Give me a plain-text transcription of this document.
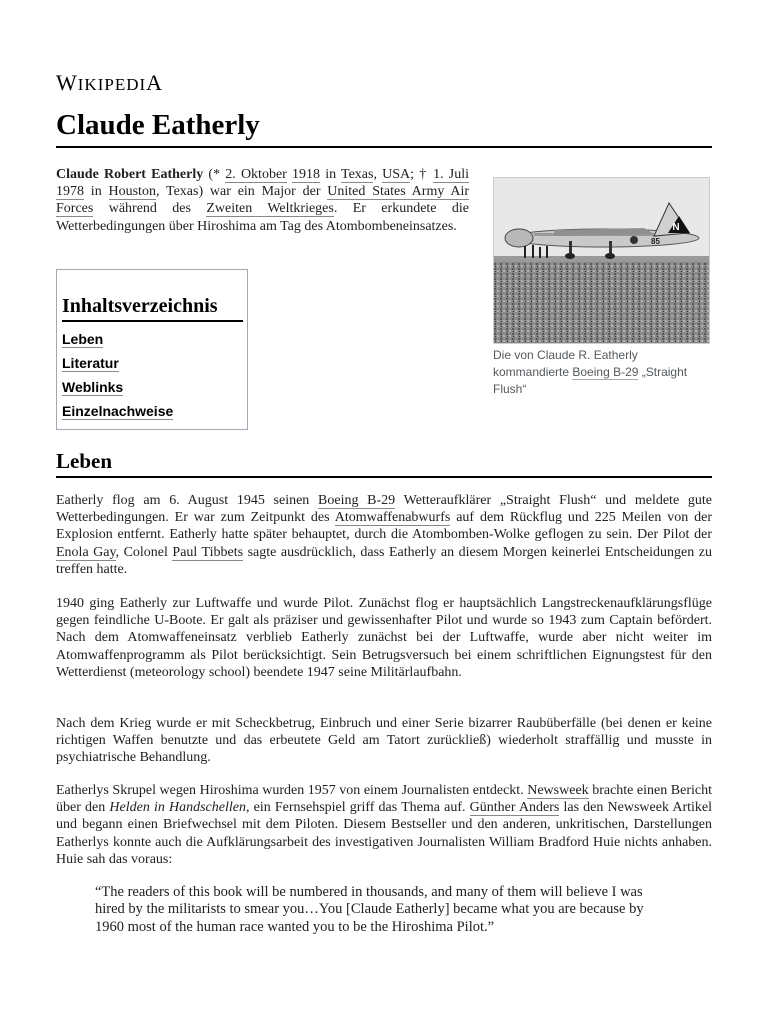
WIKIPEDIA
Claude Eatherly

Claude Robert Eatherly (* 2. Oktober 1918 in Texas, USA; † 1. Juli 1978 in Houston, Texas) war ein Major der United States Army Air Forces während des Zweiten Weltkrieges. Er erkundete die Wetterbedingungen über Hiroshima am Tag des Atombombeneinsatzes.	N
85
Die von Claude R. Eatherly kommandierte Boeing B-29 „Straight Flush“
Inhaltsverzeichnis
Leben
Literatur
Weblinks
Einzelnachweise
Leben

Eatherly flog am 6. August 1945 seinen Boeing B-29 Wetteraufklärer „Straight Flush“ und meldete gute Wetterbedingungen. Er war zum Zeitpunkt des Atomwaffenabwurfs auf dem Rückflug und 225 Meilen von der Explosion entfernt. Eatherly hatte später behauptet, durch die Atombomben-Wolke geflogen zu sein. Der Pilot der Enola Gay, Colonel Paul Tibbets sagte ausdrücklich, dass Eatherly an diesem Morgen keinerlei Entscheidungen zu treffen hatte.

1940 ging Eatherly zur Luftwaffe und wurde Pilot. Zunächst flog er hauptsächlich Langstreckenaufklärungsflüge gegen feindliche U-Boote. Er galt als präziser und gewissenhafter Pilot und wurde so 1943 zum Captain befördert. Nach dem Atomwaffeneinsatz verblieb Eatherly zunächst bei der Luftwaffe, wurde aber nicht weiter im Atomwaffenprogramm als Pilot berücksichtigt. Sein Betrugsversuch bei einem schriftlichen Eignungstest für den Wetterdienst (meteorology school) beendete 1947 seine Militärlaufbahn.

Nach dem Krieg wurde er mit Scheckbetrug, Einbruch und einer Serie bizarrer Raubüberfälle (bei denen er keine richtigen Waffen benutzte und das erbeutete Geld am Tatort zurückließ) wiederholt straffällig und musste in psychiatrische Behandlung.

Eatherlys Skrupel wegen Hiroshima wurden 1957 von einem Journalisten entdeckt. Newsweek brachte einen Bericht über den Helden in Handschellen, ein Fernsehspiel griff das Thema auf. Günther Anders las den Newsweek Artikel und begann einen Briefwechsel mit dem Piloten. Diesem Bestseller und den anderen, unkritischen, Darstellungen Eatherlys konnte auch die Aufklärungsarbeit des investigativen Journalisten William Bradford Huie nichts anhaben. Huie sah das voraus:

“The readers of this book will be numbered in thousands, and many of them will believe I was hired by the militarists to smear you…You [Claude Eatherly] became what you are because by 1960 most of the human race wanted you to be the Hiroshima Pilot.”
